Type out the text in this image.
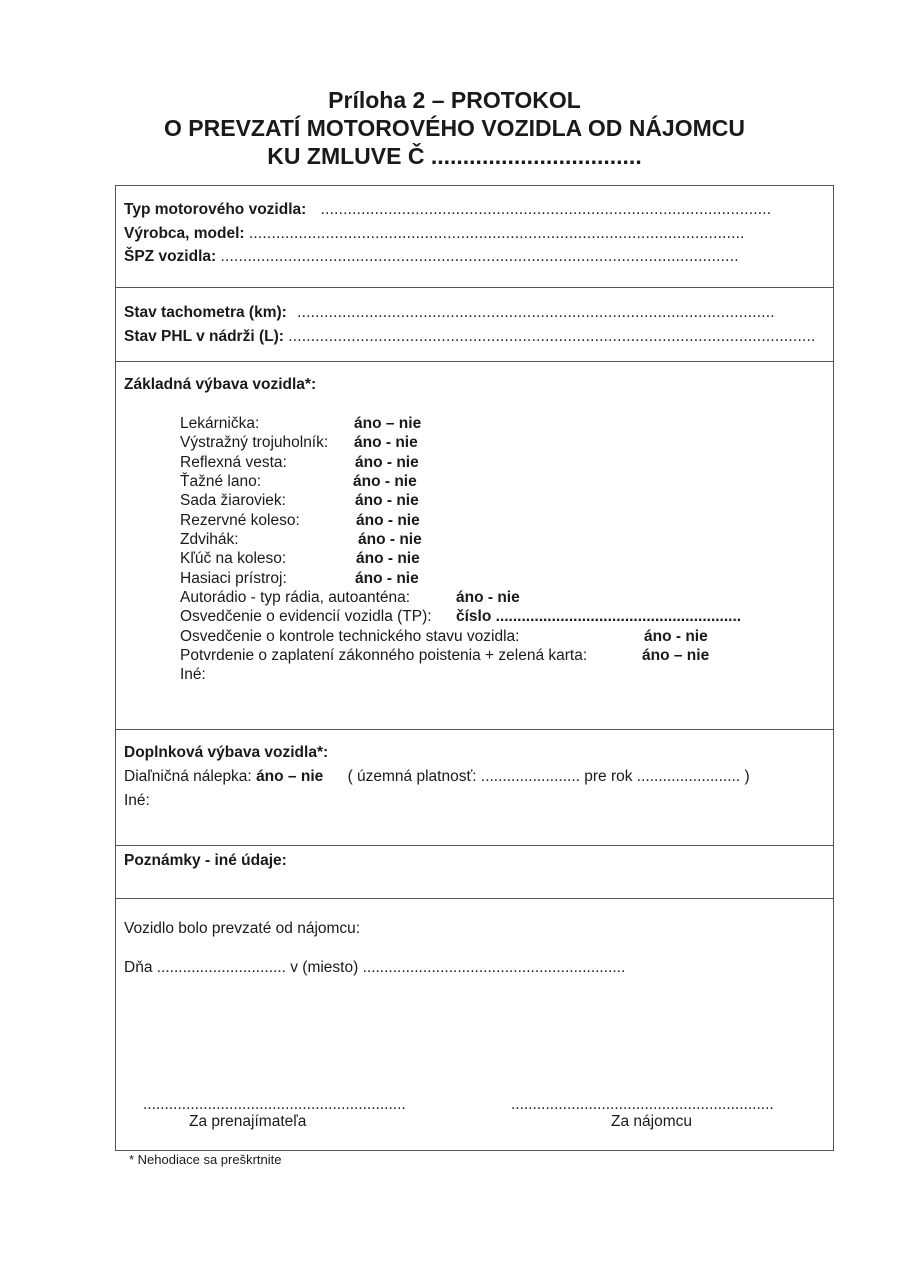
Príloha 2 – PROTOKOL
O PREVZATÍ MOTOROVÉHO VOZIDLA OD NÁJOMCU
KU ZMLUVE Č .................................
Typ motorového vozidla: ....................................................................................................
Výrobca, model: ..............................................................................................................
ŠPZ vozidla: ...................................................................................................................
Stav tachometra (km): ..........................................................................................................
Stav PHL v nádrži (L): .....................................................................................................................
Základná výbava vozidla*:
Lekárnička:	áno – nie
Výstražný trojuholník: áno - nie
Reflexná vesta:	áno - nie
Ťažné lano:	áno - nie
Sada žiaroviek:	áno - nie
Rezervné koleso:	áno - nie
Zdvihák:	áno - nie
Kľúč na koleso:	áno - nie
Hasiaci prístroj:	áno - nie
Autorádio - typ rádia, autoanténa:	áno - nie
Osvedčenie o evidencií vozidla (TP): číslo .........................................................
Osvedčenie o kontrole technického stavu vozidla:	áno - nie
Potvrdenie o zaplatení zákonného poistenia + zelená karta:	áno – nie
Iné:
Doplnková výbava vozidla*:
Diaľničná nálepka: áno – nie ( územná platnosť: ....................... pre rok ........................ )
Iné:
Poznámky - iné údaje:
Vozidlo bolo prevzaté od nájomcu:
Dňa .............................. v (miesto) .............................................................
.............................................................
Za prenajímateľa
.............................................................
Za nájomcu
* Nehodiace sa preškrtnite
